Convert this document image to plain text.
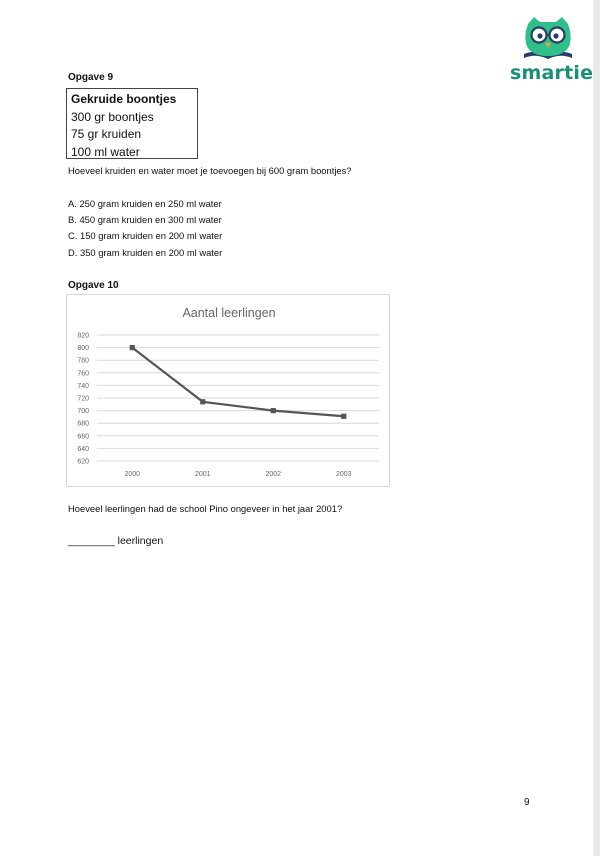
smartie
Opgave 9
Gekruide boontjes
300 gr boontjes
75 gr kruiden
100 ml water
Hoeveel kruiden en water moet je toevoegen bij 600 gram boontjes?
A. 250 gram kruiden en 250 ml water
B. 450 gram kruiden en 300 ml water
C. 150 gram kruiden en 200 ml water
D. 350 gram kruiden en 200 ml water
Opgave 10
Aantal leerlingen
620
640
660
680
700
720
740
760
780
800
820
2000	2001	2002	2003
Hoeveel leerlingen had de school Pino ongeveer in het jaar 2001?
________ leerlingen
9
